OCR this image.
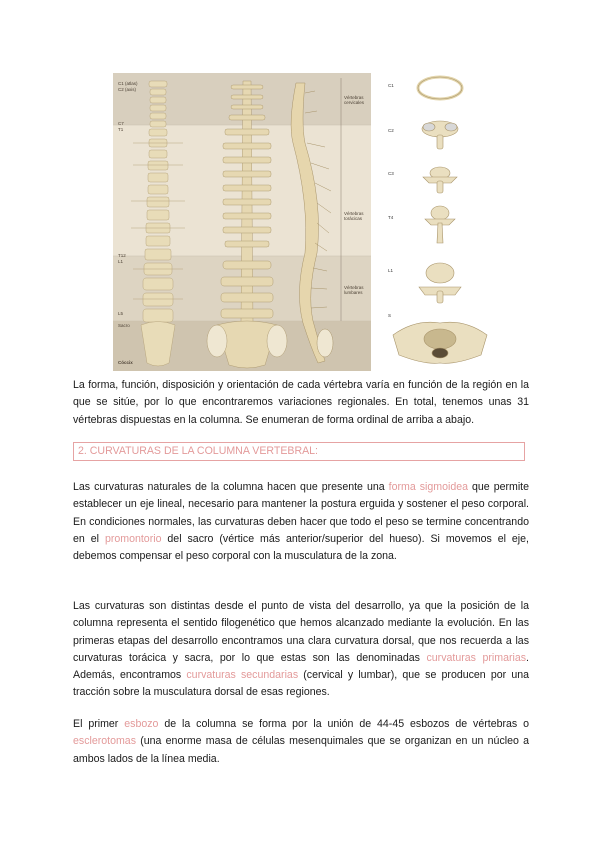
C1 (atlas)
C2 (axis)
C7
T1
T12
L1
L5
Sacro
Cóccix
Vértebras
cervicales
Vértebras
torácicas
Vértebras
lumbares
C1
C2
C3
T4
L1
S

La forma, función, disposición y orientación de cada vértebra varía en función de la región en la que se sitúe, por lo que encontraremos variaciones regionales. En total, tenemos unas 31 vértebras dispuestas en la columna. Se enumeran de forma ordinal de arriba a abajo.

2. CURVATURAS DE LA COLUMNA VERTEBRAL:

Las curvaturas naturales de la columna hacen que presente una forma sigmoidea que permite establecer un eje lineal, necesario para mantener la postura erguida y sostener el peso corporal. En condiciones normales, las curvaturas deben hacer que todo el peso se termine concentrando en el promontorio del sacro (vértice más anterior/superior del hueso). Si movemos el eje, debemos compensar el peso corporal con la musculatura de la zona.

Las curvaturas son distintas desde el punto de vista del desarrollo, ya que la posición de la columna representa el sentido filogenético que hemos alcanzado mediante la evolución. En las primeras etapas del desarrollo encontramos una clara curvatura dorsal, que nos recuerda a las curvaturas torácica y sacra, por lo que estas son las denominadas curvaturas primarias. Además, encontramos curvaturas secundarias (cervical y lumbar), que se producen por una tracción sobre la musculatura dorsal de esas regiones.

El primer esbozo de la columna se forma por la unión de 44-45 esbozos de vértebras o esclerotomas (una enorme masa de células mesenquimales que se organizan en un núcleo a ambos lados de la línea media.
